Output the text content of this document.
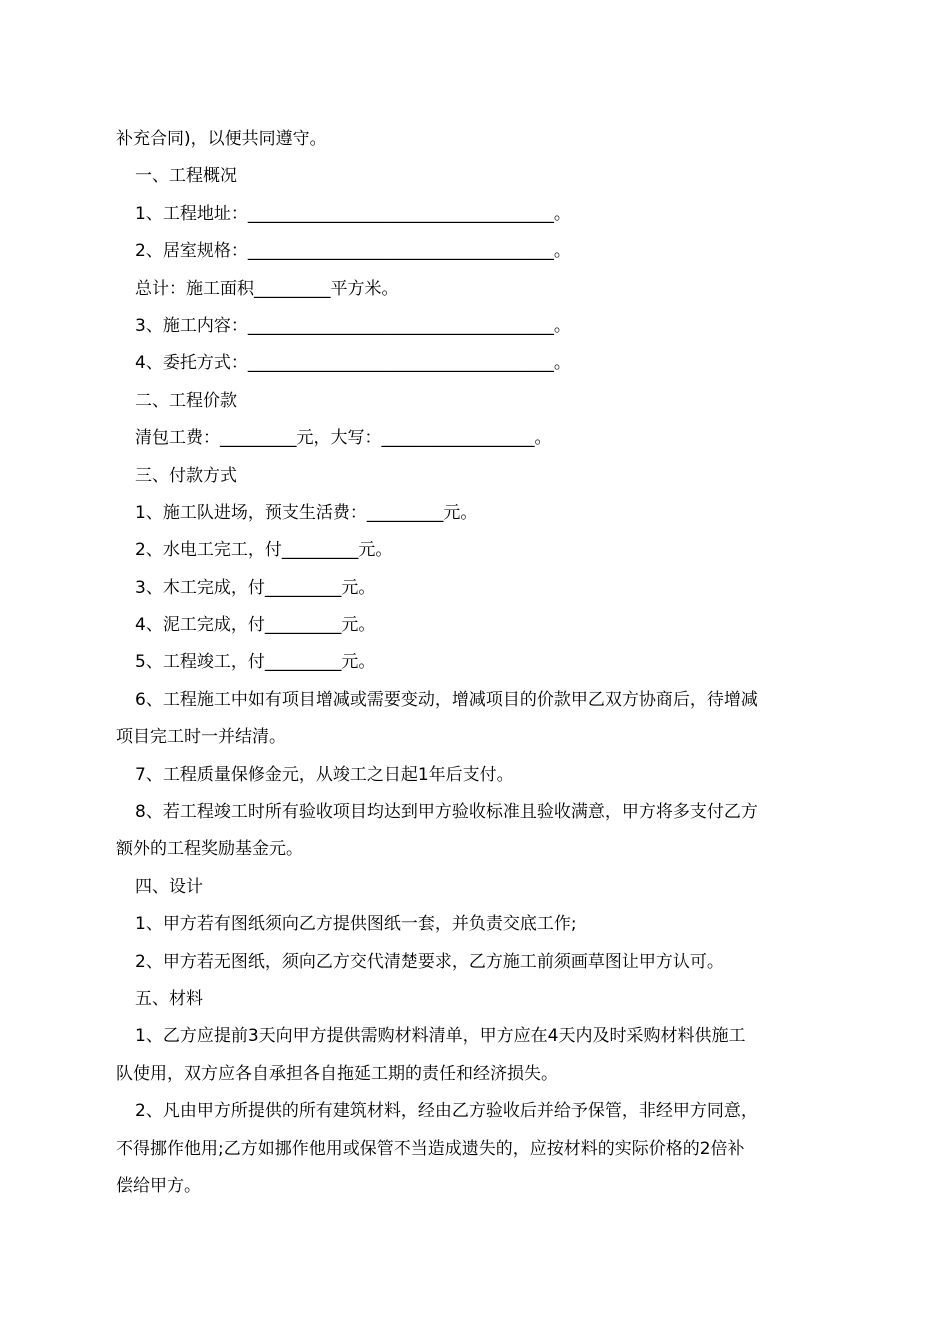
补充合同)，以便共同遵守。

一、工程概况

1、工程地址：____________________________________。

2、居室规格：____________________________________。

总计：施工面积_________平方米。

3、施工内容：____________________________________。

4、委托方式：____________________________________。

二、工程价款

清包工费：_________元，大写：__________________。

三、付款方式

1、施工队进场，预支生活费：_________元。

2、水电工完工，付_________元。

3、木工完成，付_________元。

4、泥工完成，付_________元。

5、工程竣工，付_________元。

6、工程施工中如有项目增减或需要变动，增减项目的价款甲乙双方协商后，待增减

项目完工时一并结清。

7、工程质量保修金元，从竣工之日起1年后支付。

8、若工程竣工时所有验收项目均达到甲方验收标准且验收满意，甲方将多支付乙方

额外的工程奖励基金元。

四、设计

1、甲方若有图纸须向乙方提供图纸一套，并负责交底工作;

2、甲方若无图纸，须向乙方交代清楚要求，乙方施工前须画草图让甲方认可。

五、材料

1、乙方应提前3天向甲方提供需购材料清单，甲方应在4天内及时采购材料供施工

队使用，双方应各自承担各自拖延工期的责任和经济损失。

2、凡由甲方所提供的所有建筑材料，经由乙方验收后并给予保管，非经甲方同意，

不得挪作他用;乙方如挪作他用或保管不当造成遗失的，应按材料的实际价格的2倍补

偿给甲方。
